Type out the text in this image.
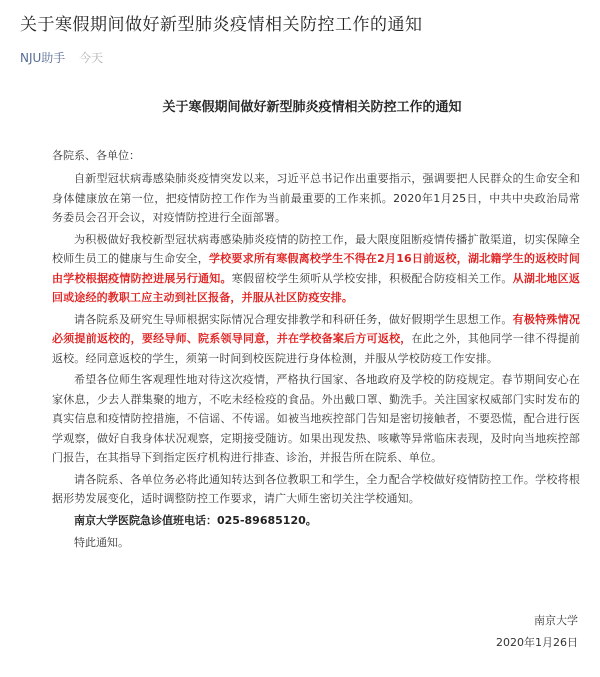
关于寒假期间做好新型肺炎疫情相关防控工作的通知
NJU助手 今天
关于寒假期间做好新型肺炎疫情相关防控工作的通知

各院系、各单位：

自新型冠状病毒感染肺炎疫情突发以来，习近平总书记作出重要指示，强调要把人民群众的生命安全和身体健康放在第一位，把疫情防控工作作为当前最重要的工作来抓。2020年1月25日，中共中央政治局常务委员会召开会议，对疫情防控进行全面部署。

为积极做好我校新型冠状病毒感染肺炎疫情的防控工作，最大限度阻断疫情传播扩散渠道，切实保障全校师生员工的健康与生命安全，学校要求所有寒假离校学生不得在2月16日前返校，湖北籍学生的返校时间由学校根据疫情防控进展另行通知。寒假留校学生须听从学校安排，积极配合防疫相关工作。从湖北地区返回或途经的教职工应主动到社区报备，并服从社区防疫安排。

请各院系及研究生导师根据实际情况合理安排教学和科研任务，做好假期学生思想工作。有极特殊情况必须提前返校的，要经导师、院系领导同意，并在学校备案后方可返校，在此之外，其他同学一律不得提前返校。经同意返校的学生，须第一时间到校医院进行身体检测，并服从学校防疫工作安排。

希望各位师生客观理性地对待这次疫情，严格执行国家、各地政府及学校的防疫规定。春节期间安心在家休息，少去人群集聚的地方，不吃未经检疫的食品。外出戴口罩、勤洗手。关注国家权威部门实时发布的真实信息和疫情防控措施，不信谣、不传谣。如被当地疾控部门告知是密切接触者，不要恐慌，配合进行医学观察，做好自我身体状况观察，定期接受随访。如果出现发热、咳嗽等异常临床表现，及时向当地疾控部门报告，在其指导下到指定医疗机构进行排查、诊治，并报告所在院系、单位。

请各院系、各单位务必将此通知转达到各位教职工和学生，全力配合学校做好疫情防控工作。学校将根据形势发展变化，适时调整防控工作要求，请广大师生密切关注学校通知。

南京大学医院急诊值班电话：025-89685120。

特此通知。

南京大学
2020年1月26日
